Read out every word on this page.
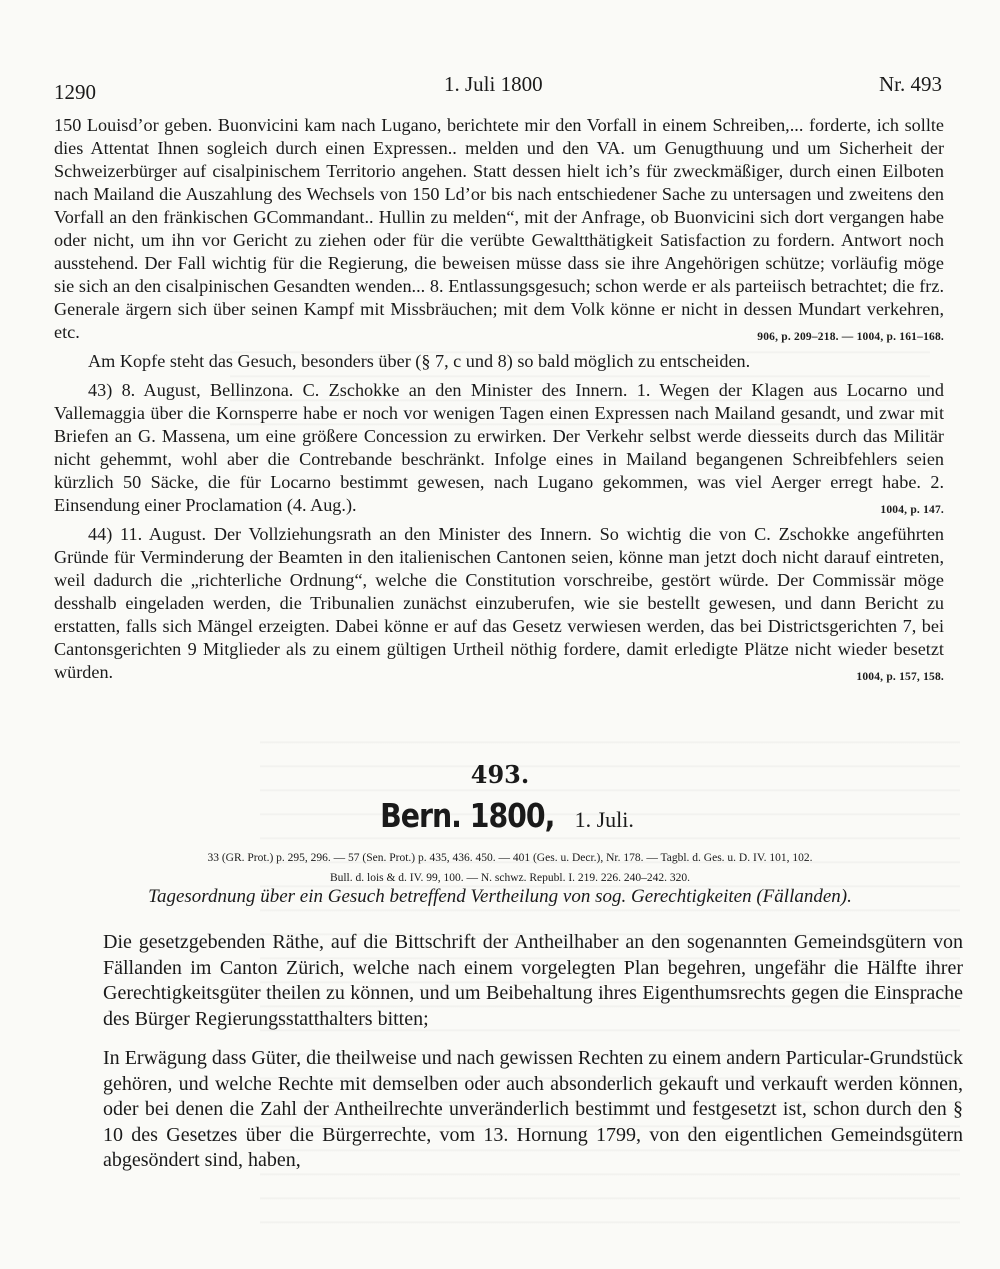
1290	1. Juli 1800	Nr. 493

150 Louisd’or geben. Buonvicini kam nach Lugano, berichtete mir den Vorfall in einem Schreiben,... forderte, ich sollte dies Attentat Ihnen sogleich durch einen Expressen.. melden und den VA. um Genugthuung und um Sicherheit der Schweizerbürger auf cisalpinischem Territorio angehen. Statt dessen hielt ich’s für zweckmäßiger, durch einen Eilboten nach Mailand die Auszahlung des Wechsels von 150 Ld’or bis nach entschiedener Sache zu untersagen und zweitens den Vorfall an den fränkischen GCommandant.. Hullin zu melden“, mit der Anfrage, ob Buonvicini sich dort vergangen habe oder nicht, um ihn vor Gericht zu ziehen oder für die verübte Gewaltthätigkeit Satisfaction zu fordern. Antwort noch ausstehend. Der Fall wichtig für die Regierung, die beweisen müsse dass sie ihre Angehörigen schütze; vorläufig möge sie sich an den cisalpinischen Gesandten wenden... 8. Entlassungsgesuch; schon werde er als parteiisch betrachtet; die frz. Generale ärgern sich über seinen Kampf mit Missbräuchen; mit dem Volk könne er nicht in dessen Mundart verkehren, etc.	906, p. 209–218. — 1004, p. 161–168.

Am Kopfe steht das Gesuch, besonders über (§ 7, c und 8) so bald möglich zu entscheiden.

43) 8. August, Bellinzona. C. Zschokke an den Minister des Innern. 1. Wegen der Klagen aus Locarno und Vallemaggia über die Kornsperre habe er noch vor wenigen Tagen einen Expressen nach Mailand gesandt, und zwar mit Briefen an G. Massena, um eine größere Concession zu erwirken. Der Verkehr selbst werde diesseits durch das Militär nicht gehemmt, wohl aber die Contrebande beschränkt. Infolge eines in Mailand begangenen Schreibfehlers seien kürzlich 50 Säcke, die für Locarno bestimmt gewesen, nach Lugano gekommen, was viel Aerger erregt habe. 2. Einsendung einer Proclamation (4. Aug.).	1004, p. 147.

44) 11. August. Der Vollziehungsrath an den Minister des Innern. So wichtig die von C. Zschokke angeführten Gründe für Verminderung der Beamten in den italienischen Cantonen seien, könne man jetzt doch nicht darauf eintreten, weil dadurch die „richterliche Ordnung“, welche die Constitution vorschreibe, gestört würde. Der Commissär möge desshalb eingeladen werden, die Tribunalien zunächst einzuberufen, wie sie bestellt gewesen, und dann Bericht zu erstatten, falls sich Mängel erzeigten. Dabei könne er auf das Gesetz verwiesen werden, das bei Districtsgerichten 7, bei Cantonsgerichten 9 Mitglieder als zu einem gültigen Urtheil nöthig fordere, damit erledigte Plätze nicht wieder besetzt würden.	1004, p. 157, 158.

493.
Bern. 1800, 1. Juli.
33 (GR. Prot.) p. 295, 296. — 57 (Sen. Prot.) p. 435, 436. 450. — 401 (Ges. u. Decr.), Nr. 178. — Tagbl. d. Ges. u. D. IV. 101, 102.
Bull. d. lois & d. IV. 99, 100. — N. schwz. Republ. I. 219. 226. 240–242. 320.
Tagesordnung über ein Gesuch betreffend Vertheilung von sog. Gerechtigkeiten (Fällanden).

Die gesetzgebenden Räthe, auf die Bittschrift der Antheilhaber an den sogenannten Gemeindsgütern von Fällanden im Canton Zürich, welche nach einem vorgelegten Plan begehren, ungefähr die Hälfte ihrer Gerechtigkeitsgüter theilen zu können, und um Beibehaltung ihres Eigenthumsrechts gegen die Einsprache des Bürger Regierungsstatthalters bitten;

In Erwägung dass Güter, die theilweise und nach gewissen Rechten zu einem andern Particular-Grundstück gehören, und welche Rechte mit demselben oder auch absonderlich gekauft und verkauft werden können, oder bei denen die Zahl der Antheilrechte unveränderlich bestimmt und festgesetzt ist, schon durch den § 10 des Gesetzes über die Bürgerrechte, vom 13. Hornung 1799, von den eigentlichen Gemeindsgütern abgesöndert sind, haben,
